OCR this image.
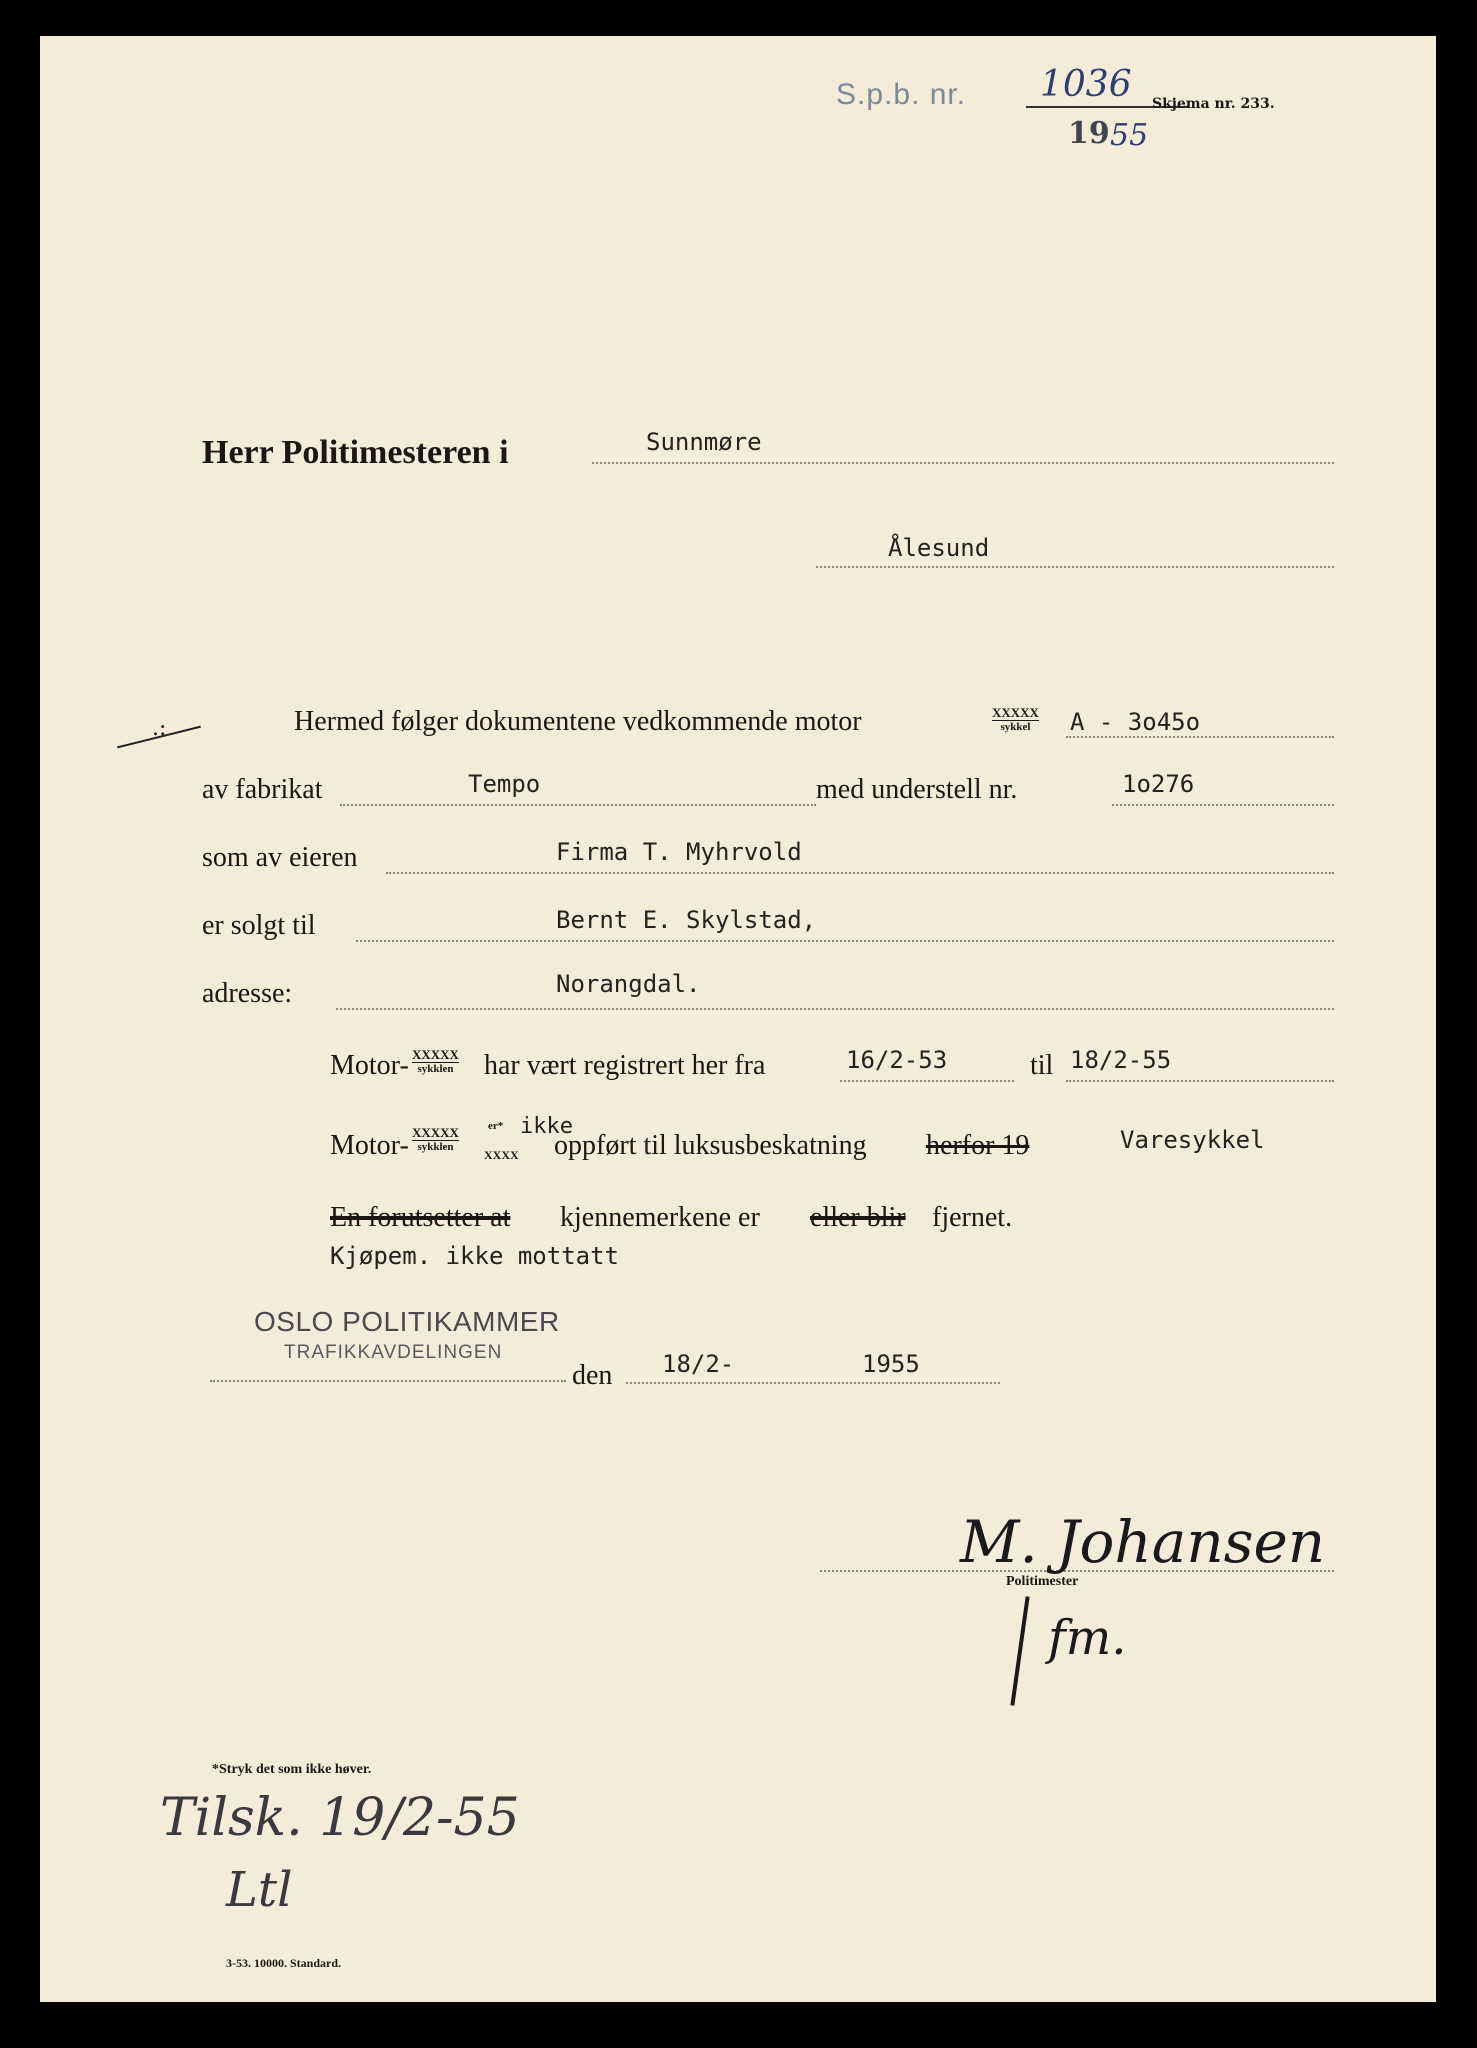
S.p.b. nr. 1036 Skjema nr. 233.
19 55
Herr Politimesteren i	Sunnmøre
Ålesund
.:	Hermed følger dokumentene vedkommende motor	XXXXX
sykkel	A - 3o45o
av fabrikat	Tempo	med understell nr.	1o276
som av eieren	Firma T. Myhrvold
er solgt til	Bernt E. Skylstad,
adresse:	Norangdal.
Motor- XXXXX
sykklen har vært registrert her fra	16/2-53	til 18/2-55
Motor- XXXXX
sykklen
er* ikke
XXXX oppført til luksusbeskatning herfor 19	Varesykkel
En forutsetter at kjennemerkene er eller blir fjernet.
Kjøpem. ikke mottatt
OSLO POLITIKAMMER
TRAFIKKAVDELINGEN
den 18/2-	1955
M. Johansen
Politimester
fm.
*Stryk det som ikke høver.
Tilsk. 19/2-55
Ltl
3-53. 10000. Standard.
